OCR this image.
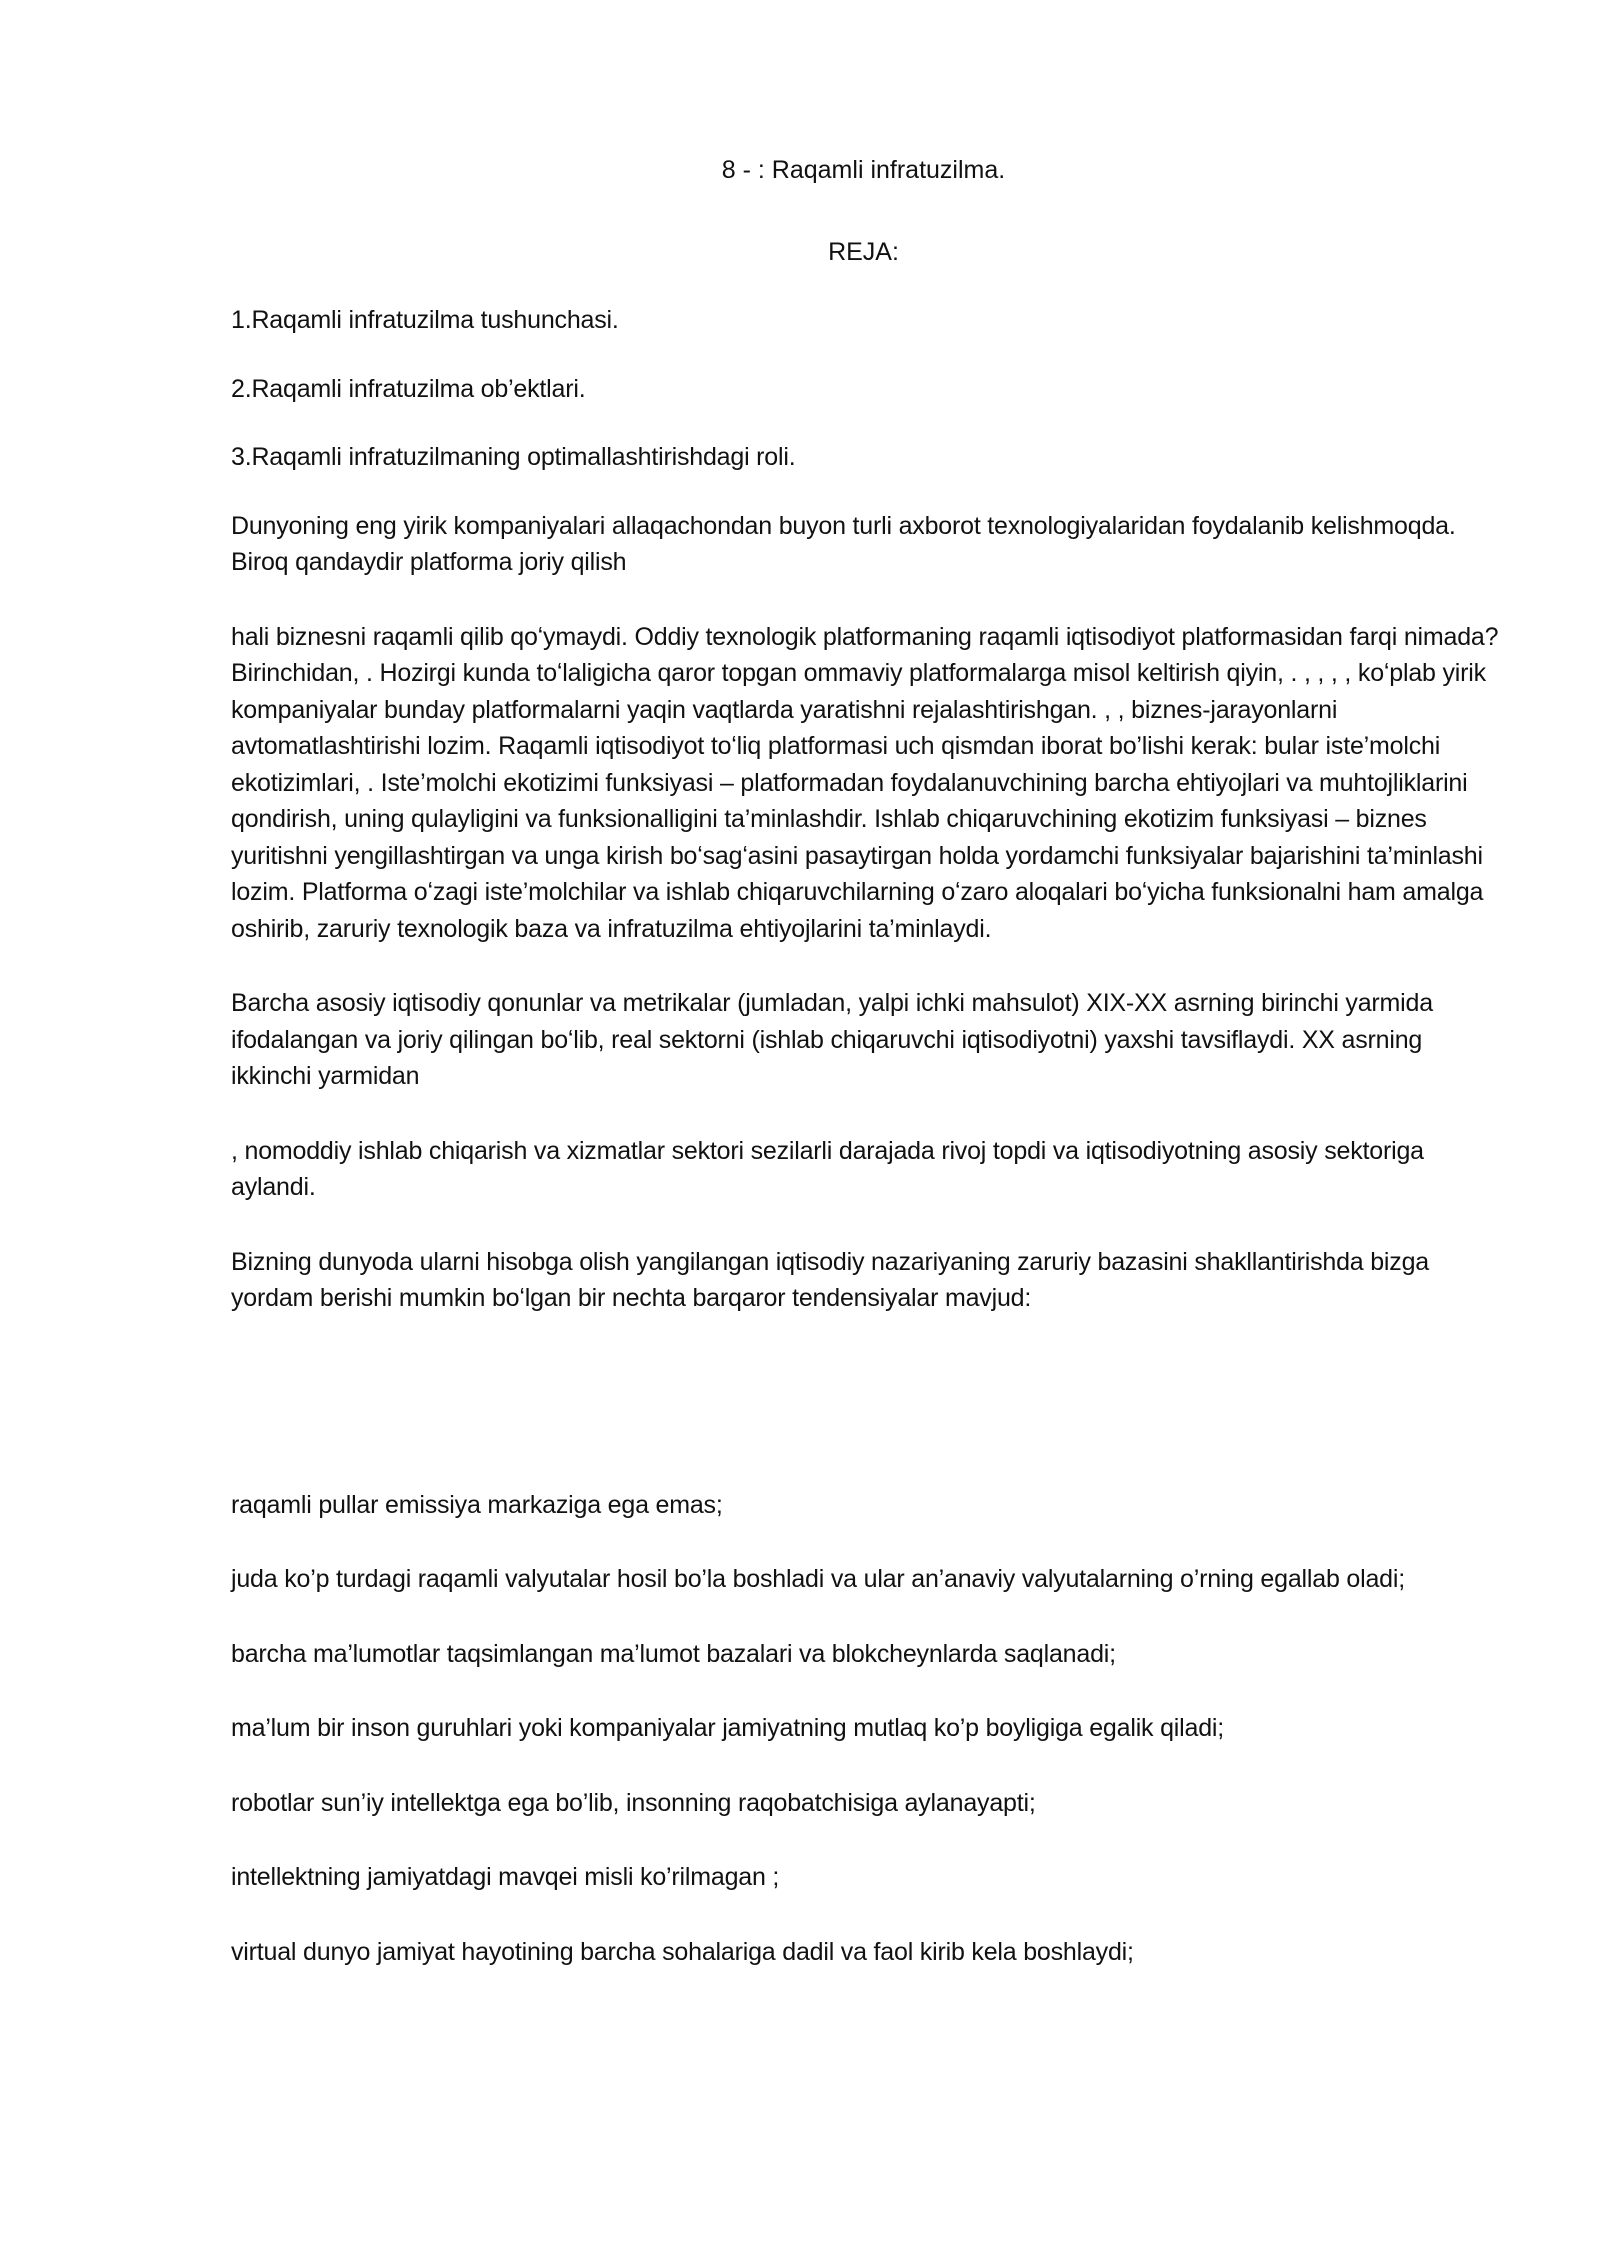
8 - : Raqamli infratuzilma.
REJA:

1.Raqamli infratuzilma tushunchasi.

2.Raqamli infratuzilma ob’ektlari.

3.Raqamli infratuzilmaning optimallashtirishdagi roli.

Dunyoning eng yirik kompaniyalari allaqachondan buyon turli axborot texnologiyalaridan foydalanib kelishmoqda. Biroq qandaydir platforma joriy qilish

hali biznesni raqamli qilib qoʻymaydi. Oddiy texnologik platformaning raqamli iqtisodiyot platformasidan farqi nimada? Birinchidan, . Hozirgi kunda toʻlaligicha qaror topgan ommaviy platformalarga misol keltirish qiyin, . , , , , koʻplab yirik kompaniyalar bunday platformalarni yaqin vaqtlarda yaratishni rejalashtirishgan. , , biznes-jarayonlarni avtomatlashtirishi lozim. Raqamli iqtisodiyot toʻliq platformasi uch qismdan iborat bo’lishi kerak: bular iste’molchi ekotizimlari, . Iste’molchi ekotizimi funksiyasi – platformadan foydalanuvchining barcha ehtiyojlari va muhtojliklarini qondirish, uning qulayligini va funksionalligini ta’minlashdir. Ishlab chiqaruvchining ekotizim funksiyasi – biznes yuritishni yengillashtirgan va unga kirish boʻsagʻasini pasaytirgan holda yordamchi funksiyalar bajarishini ta’minlashi lozim. Platforma oʻzagi iste’molchilar va ishlab chiqaruvchilarning oʻzaro aloqalari boʻyicha funksionalni ham amalga oshirib, zaruriy texnologik baza va infratuzilma ehtiyojlarini ta’minlaydi.

Barcha asosiy iqtisodiy qonunlar va metrikalar (jumladan, yalpi ichki mahsulot) XIX-XX asrning birinchi yarmida ifodalangan va joriy qilingan boʻlib, real sektorni (ishlab chiqaruvchi iqtisodiyotni) yaxshi tavsiflaydi. XX asrning ikkinchi yarmidan

, nomoddiy ishlab chiqarish va xizmatlar sektori sezilarli darajada rivoj topdi va iqtisodiyotning asosiy sektoriga aylandi.

Bizning dunyoda ularni hisobga olish yangilangan iqtisodiy nazariyaning zaruriy bazasini shakllantirishda bizga yordam berishi mumkin boʻlgan bir nechta barqaror tendensiyalar mavjud:

raqamli pullar emissiya markaziga ega emas;

juda ko’p turdagi raqamli valyutalar hosil bo’la boshladi va ular an’anaviy valyutalarning o’rning egallab oladi;

barcha ma’lumotlar taqsimlangan ma’lumot bazalari va blokcheynlarda saqlanadi;

ma’lum bir inson guruhlari yoki kompaniyalar jamiyatning mutlaq ko’p boyligiga egalik qiladi;

robotlar sun’iy intellektga ega bo’lib, insonning raqobatchisiga aylanayapti;

intellektning jamiyatdagi mavqei misli ko’rilmagan ;

virtual dunyo jamiyat hayotining barcha sohalariga dadil va faol kirib kela boshlaydi;
